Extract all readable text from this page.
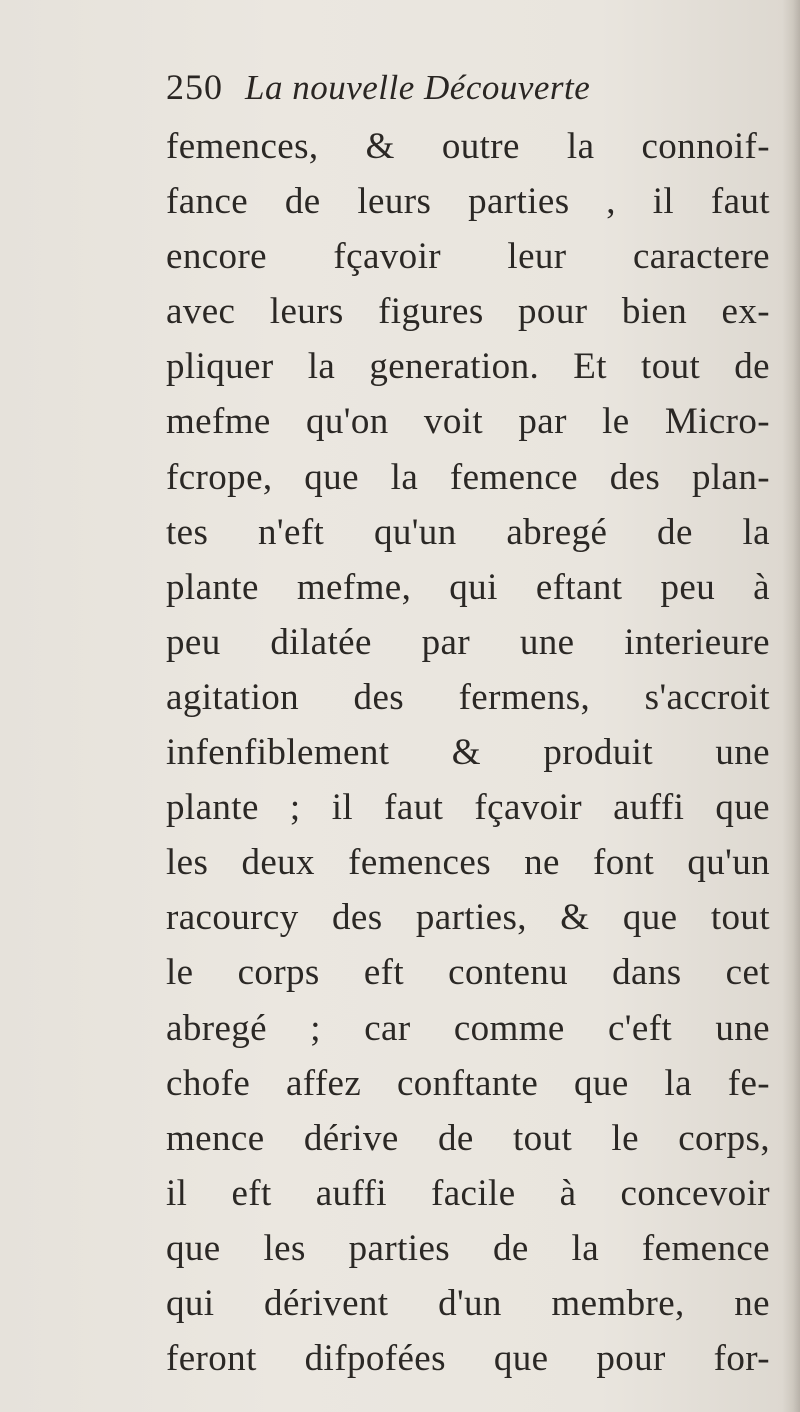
250 La nouvelle Découverte
femences, & outre la connoif-
fance de leurs parties , il faut
encore fçavoir leur caractere
avec leurs figures pour bien ex-
pliquer la generation. Et tout de
mefme qu'on voit par le Micro-
fcrope, que la femence des plan-
tes n'eft qu'un abregé de la
plante mefme, qui eftant peu à
peu dilatée par une interieure
agitation des fermens, s'accroit
infenfiblement & produit une
plante ; il faut fçavoir auffi que
les deux femences ne font qu'un
racourcy des parties, & que tout
le corps eft contenu dans cet
abregé ; car comme c'eft une
chofe affez conftante que la fe-
mence dérive de tout le corps,
il eft auffi facile à concevoir
que les parties de la femence
qui dérivent d'un membre, ne
feront difpofées que pour for-
